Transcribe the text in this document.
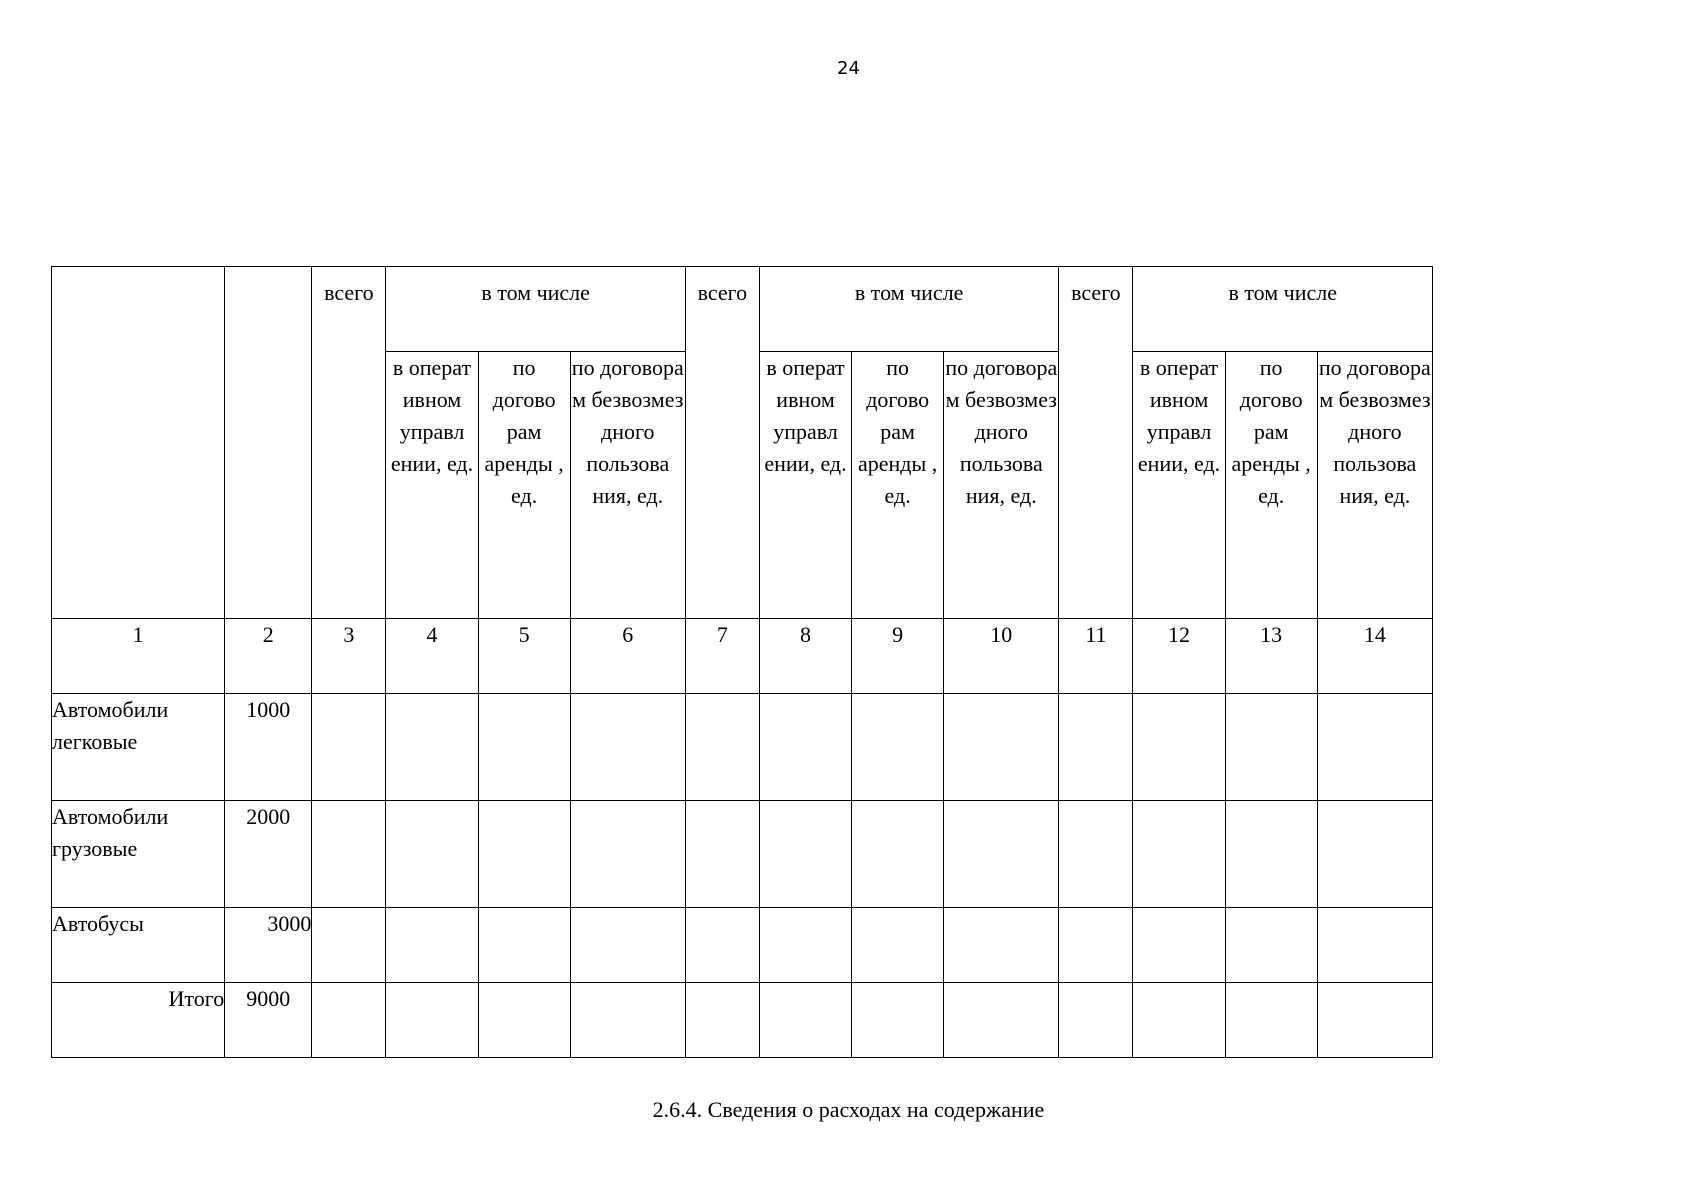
24
		всего	в том числе			всего	в том числе			всего	в том числе		
			в операт ивном управл ении, ед.	по догово рам аренды , ед.	по договора м безвозмез дного пользова ния, ед.		в операт ивном управл ении, ед.	по догово рам аренды , ед.	по договора м безвозмез дного пользова ния, ед.		в операт ивном управл ении, ед.	по догово рам аренды , ед.	по договора м безвозмез дного пользова ния, ед.
1	2	3	4	5	6	7	8	9	10	11	12	13	14
Автомобили легковые	1000												
Автомобили грузовые	2000												
Автобусы	3000												
Итого	9000												
2.6.4. Сведения о расходах на содержание
